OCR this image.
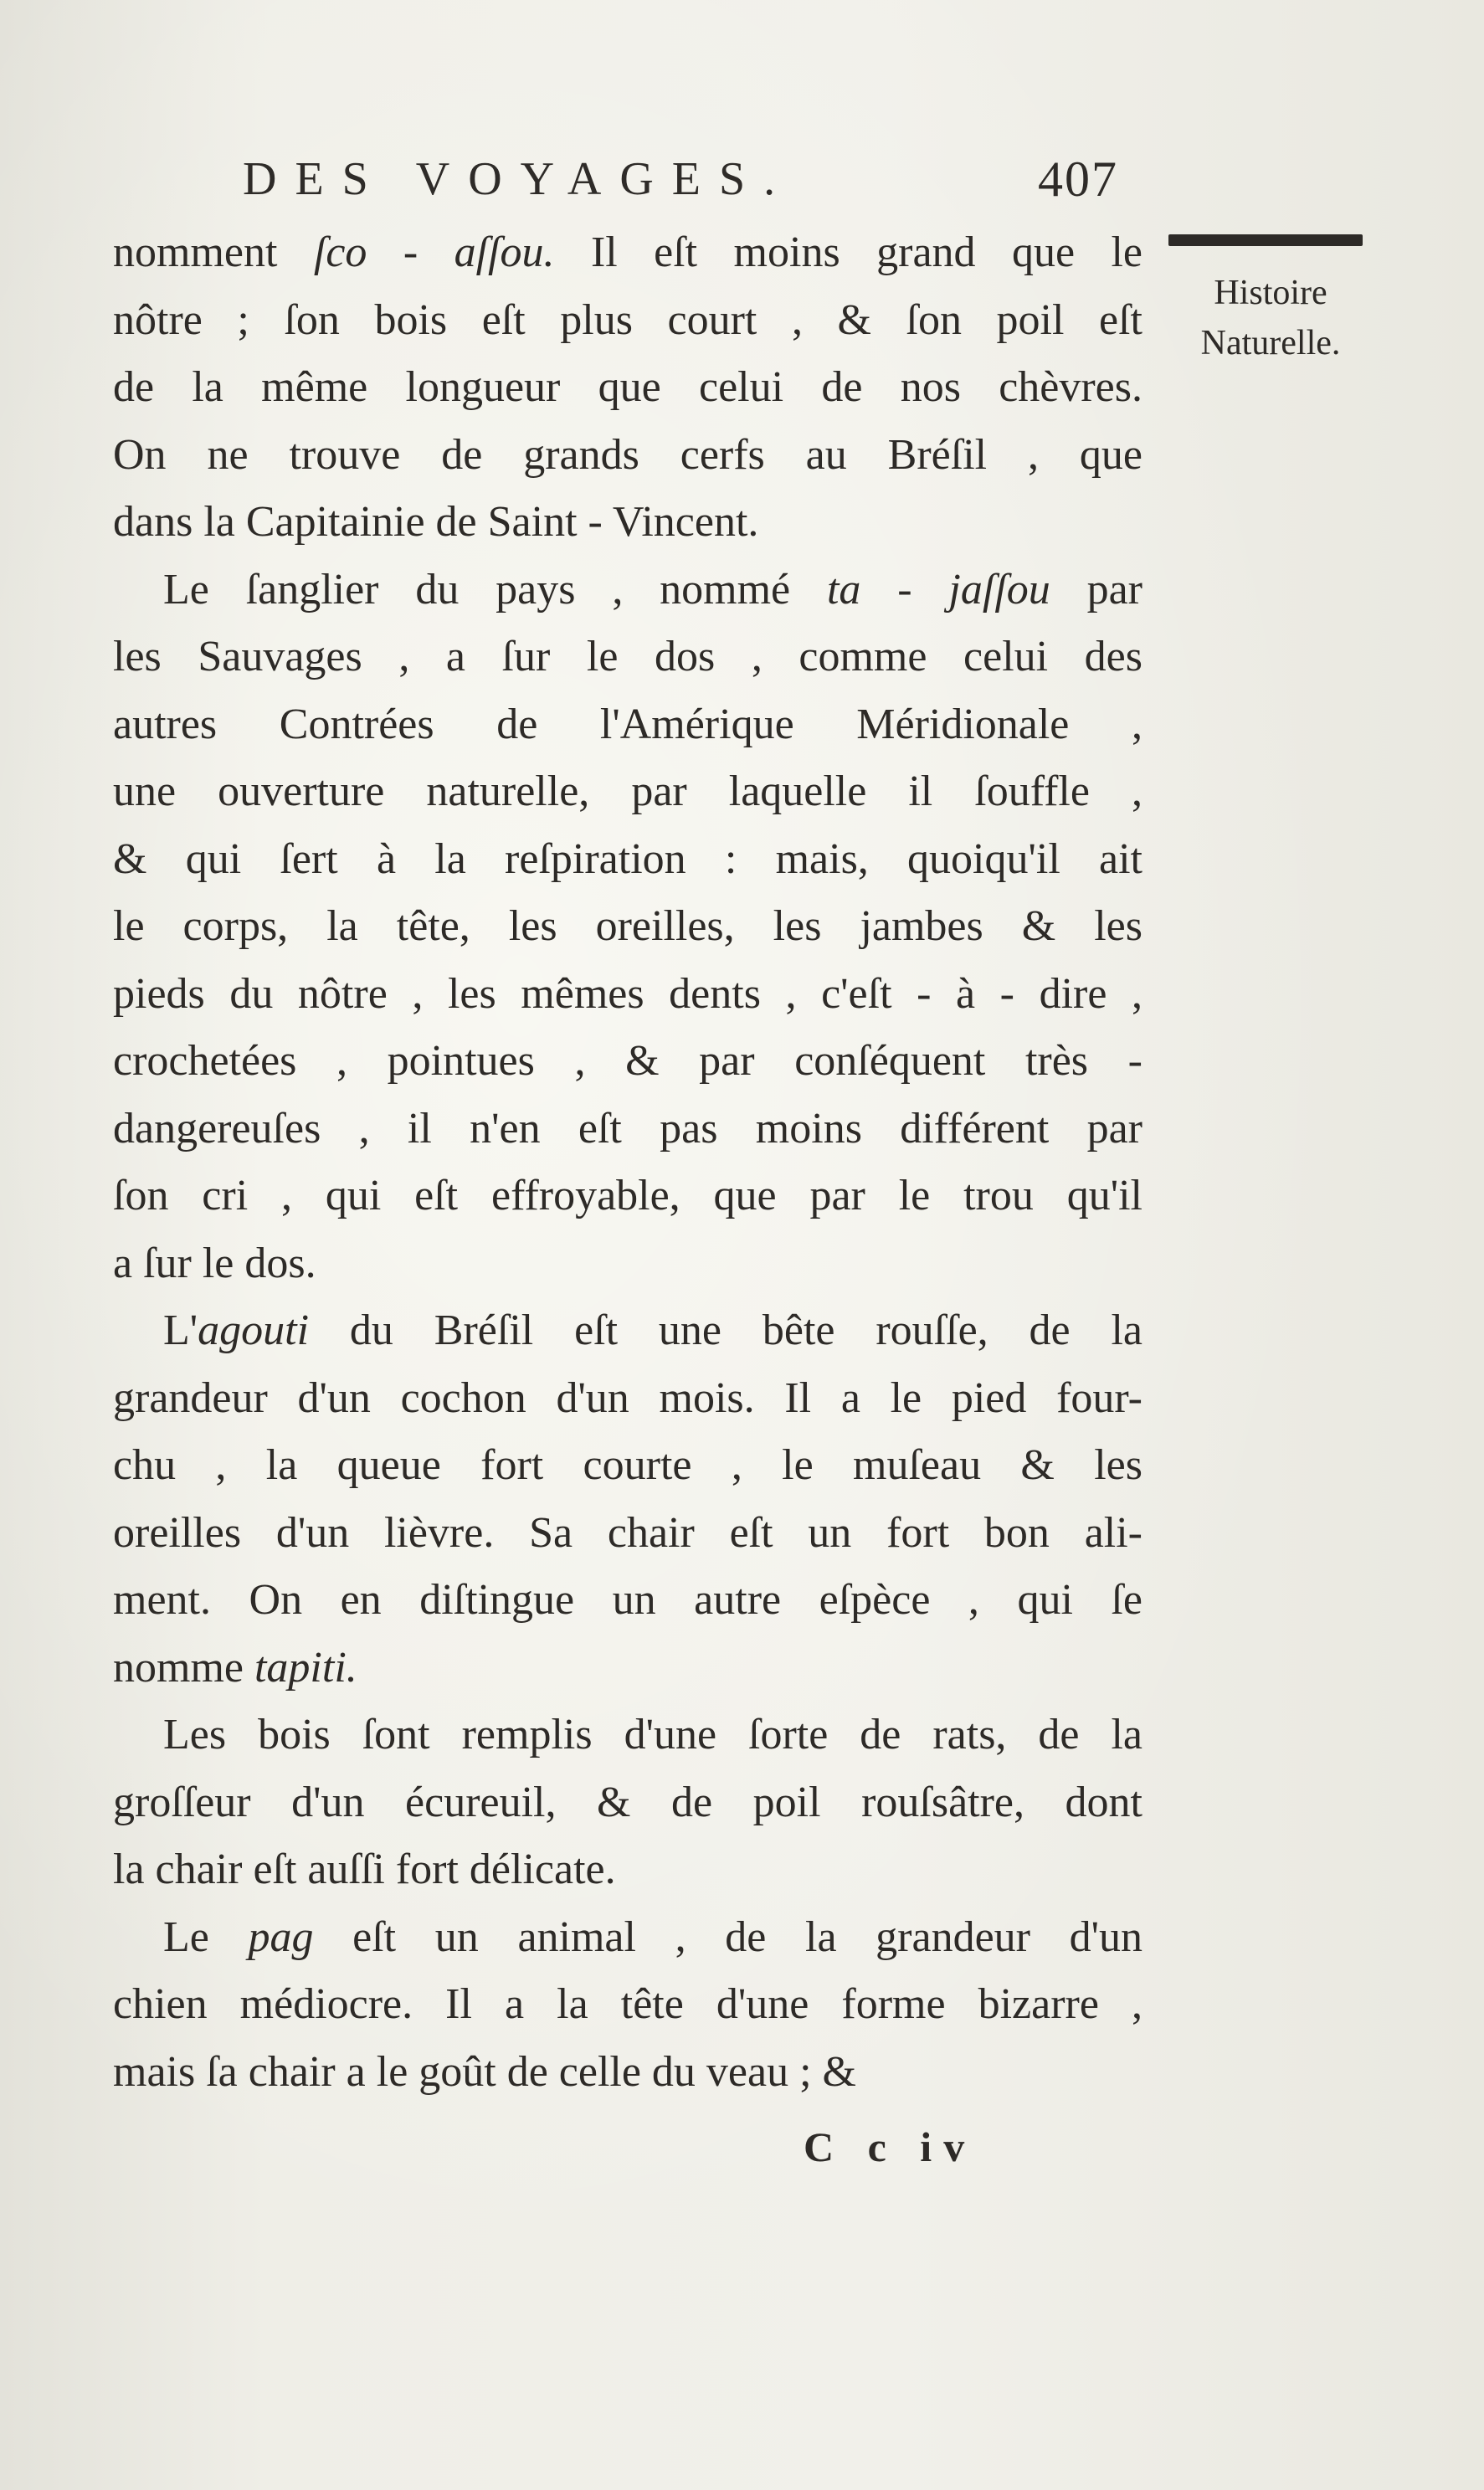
DES VOYAGES.	407

nomment ſco - aſſou. Il eſt moins grand que le

nôtre ; ſon bois eſt plus court , & ſon poil eſt

de la même longueur que celui de nos chèvres.

On ne trouve de grands cerfs au Bréſil , que

dans la Capitainie de Saint - Vincent.

Le ſanglier du pays , nommé ta - jaſſou par

les Sauvages , a ſur le dos , comme celui des

autres Contrées de l'Amérique Méridionale ,

une ouverture naturelle, par laquelle il ſouffle ,

& qui ſert à la reſpiration : mais, quoiqu'il ait

le corps, la tête, les oreilles, les jambes & les

pieds du nôtre , les mêmes dents , c'eſt - à - dire ,

crochetées , pointues , & par conſéquent très -

dangereuſes , il n'en eſt pas moins différent par

ſon cri , qui eſt effroyable, que par le trou qu'il

a ſur le dos.

L'agouti du Bréſil eſt une bête rouſſe, de la

grandeur d'un cochon d'un mois. Il a le pied four-

chu , la queue fort courte , le muſeau & les

oreilles d'un lièvre. Sa chair eſt un fort bon ali-

ment. On en diſtingue un autre eſpèce , qui ſe

nomme tapiti.

Les bois ſont remplis d'une ſorte de rats, de la

groſſeur d'un écureuil, & de poil rouſsâtre, dont

la chair eſt auſſi fort délicate.

Le pag eſt un animal , de la grandeur d'un

chien médiocre. Il a la tête d'une forme bizarre ,

mais ſa chair a le goût de celle du veau ; &

Histoire
Naturelle.
C c iv
